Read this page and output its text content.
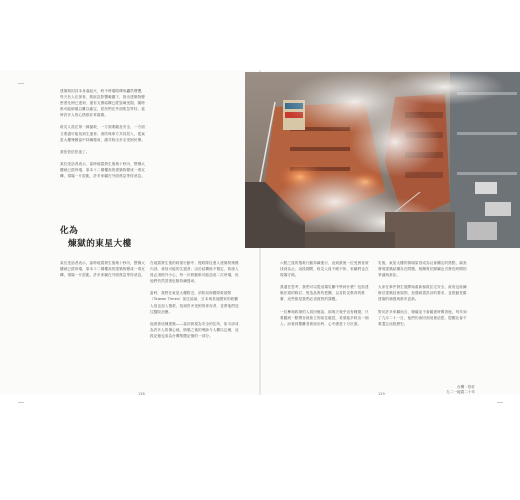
化為
煉獄的東星大樓

建築物因其本身處起火，時不時塌陷傳來轟然聲響，每天有人在探查，熱區及影響範圍下，指出建築物變密度比例已達到，還有支撐結構已經毀壞受損，隨時都可能倒塌且難以確定，居民們在外面焦急等待，當時許多人的心情都非常複雜。

救災人員在第一線搶救，一方面要顧及安全，一方面又要盡可能找到生還者；消防與軍方共同投入，從東星大樓殘骸當中持續搜尋，總共救出多名受困民眾。

我依依依依夜了。

某位受訪者表示，當時地震發生後幾十秒內，整棟大樓就已經坍塌，原本十二層樓高的建築物變成一堆瓦礫，現場一片混亂，許多家屬在外面焦急等待消息。

在地震發生後的救援行動中，搜救隊伍進入建築物殘骸內部，尋找可能的生還者；由於結構極不穩定，救援人員必須格外小心，每一次移動都可能造成二次坍塌，但他們仍然冒著危險持續搜尋。

當時，我們在東星大樓附近，消防局與國際救援隊（Taiwan Times）前往協助，日本與其他國家的救難人員也加入搜救，找到許多受困的倖存者，並將他們送往醫院治療。

他看著這棟建築——當初被視為安全的住所，如今卻成為許多人的傷心地，倒塌之後的殘跡令人難以忘懷，這段記憶也成為台灣集體記憶的一部分。

某位受訪者表示，當時地震發生後幾十秒內，整棟大樓就已經坍塌，原本十二層樓高的建築物變成一堆瓦礫，現場一片混亂，許多家屬在外面焦急等待消息。

六點之後的搜救行動持續進行，直到最後一位受困者被找到為止；這段期間，救災人員不眠不休，家屬們也在現場守候。

我還在思考，我們可以從這場災難中學到什麼？包括建築法規的修訂、營造品質的把關，以及防災教育的推廣，這些都是我們必須面對的課題。

一位參與救援的人員回憶說，那幾天幾乎沒有睡覺，只要聽到一點聲音就會立刻前往確認，希望能多救出一個人；而看到罹難者被抬出時，心中總是十分沉重。

災後，東星大樓的倒塌原因成為社會關注的焦點，調查發現建築結構存在問題，相關責任歸屬也引發長時間的爭議與訴訟。

大家在事件發生後開始重新檢視住宅安全，政府也陸續修訂建築技術規則，加強耐震設計的要求，並推動老舊建築的補強與都市更新。

對於許多家屬而言，傷痛並不會隨著時間消逝，每年到了九月二十一日，他們仍會回到這裡追思，提醒社會不要遺忘這段歷史。

128	129
台灣・你好
九二一地震二十年
